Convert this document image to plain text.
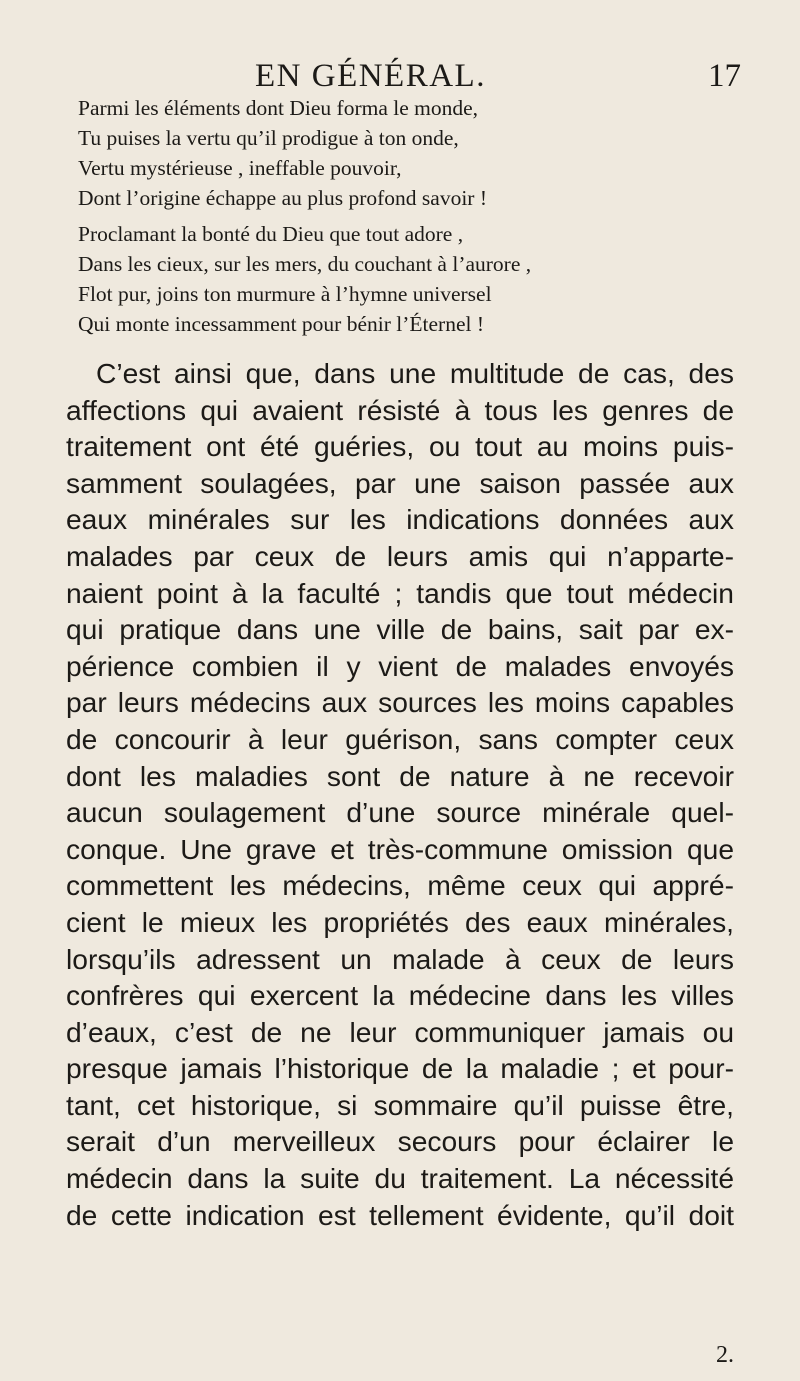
EN GÉNÉRAL.	17
Parmi les éléments dont Dieu forma le monde,
Tu puises la vertu qu’il prodigue à ton onde,
Vertu mystérieuse , ineffable pouvoir,
Dont l’origine échappe au plus profond savoir !
Proclamant la bonté du Dieu que tout adore ,
Dans les cieux, sur les mers, du couchant à l’aurore ,
Flot pur, joins ton murmure à l’hymne universel
Qui monte incessamment pour bénir l’Éternel !
C’est ainsi que, dans une multitude de cas, des
affections qui avaient résisté à tous les genres de
traitement ont été guéries, ou tout au moins puis-
samment soulagées, par une saison passée aux
eaux minérales sur les indications données aux
malades par ceux de leurs amis qui n’apparte-
naient point à la faculté ; tandis que tout médecin
qui pratique dans une ville de bains, sait par ex-
périence combien il y vient de malades envoyés
par leurs médecins aux sources les moins capables
de concourir à leur guérison, sans compter ceux
dont les maladies sont de nature à ne recevoir
aucun soulagement d’une source minérale quel-
conque. Une grave et très-commune omission que
commettent les médecins, même ceux qui appré-
cient le mieux les propriétés des eaux minérales,
lorsqu’ils adressent un malade à ceux de leurs
confrères qui exercent la médecine dans les villes
d’eaux, c’est de ne leur communiquer jamais ou
presque jamais l’historique de la maladie ; et pour-
tant, cet historique, si sommaire qu’il puisse être,
serait d’un merveilleux secours pour éclairer le
médecin dans la suite du traitement. La nécessité
de cette indication est tellement évidente, qu’il doit
2.
